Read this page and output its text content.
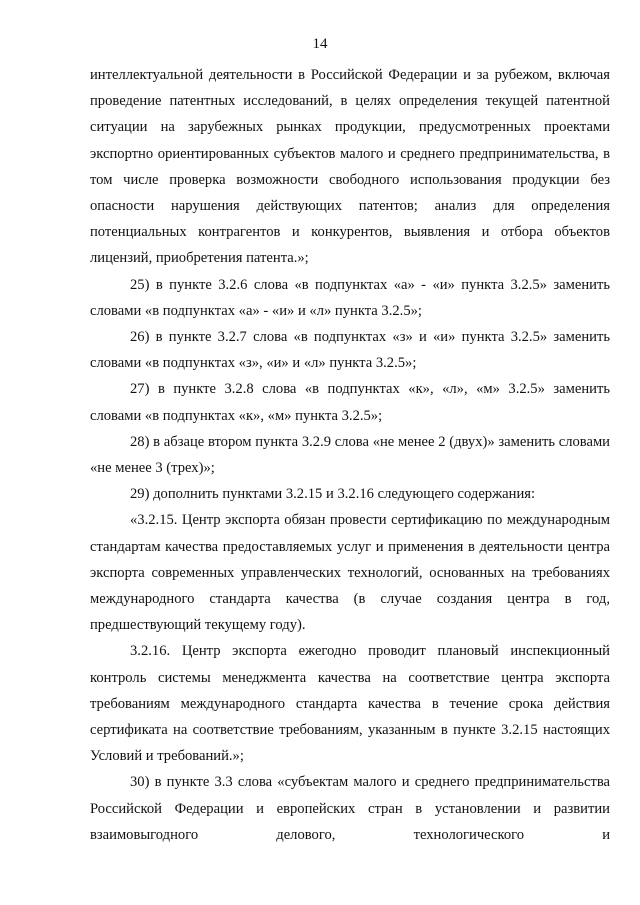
14

интеллектуальной деятельности в Российской Федерации и за рубежом, включая проведение патентных исследований, в целях определения текущей патентной ситуации на зарубежных рынках продукции, предусмотренных проектами экспортно ориентированных субъектов малого и среднего предпринимательства, в том числе проверка возможности свободного использования продукции без опасности нарушения действующих патентов; анализ для определения потенциальных контрагентов и конкурентов, выявления и отбора объектов лицензий, приобретения патента.»;

25) в пункте 3.2.6 слова «в подпунктах «а» - «и» пункта 3.2.5» заменить словами «в подпунктах «а» - «и» и «л» пункта 3.2.5»;

26) в пункте 3.2.7 слова «в подпунктах «з» и «и» пункта 3.2.5» заменить словами «в подпунктах «з», «и» и «л» пункта 3.2.5»;

27) в пункте 3.2.8 слова «в подпунктах «к», «л», «м» 3.2.5» заменить словами «в подпунктах «к», «м» пункта 3.2.5»;

28) в абзаце втором пункта 3.2.9 слова «не менее 2 (двух)» заменить словами «не менее 3 (трех)»;

29) дополнить пунктами 3.2.15 и 3.2.16 следующего содержания:

«3.2.15. Центр экспорта обязан провести сертификацию по международным стандартам качества предоставляемых услуг и применения в деятельности центра экспорта современных управленческих технологий, основанных на требованиях международного стандарта качества (в случае создания центра в год, предшествующий текущему году).

3.2.16. Центр экспорта ежегодно проводит плановый инспекционный контроль системы менеджмента качества на соответствие центра экспорта требованиям международного стандарта качества в течение срока действия сертификата на соответствие требованиям, указанным в пункте 3.2.15 настоящих Условий и требований.»;

30) в пункте 3.3 слова «субъектам малого и среднего предпринимательства Российской Федерации и европейских стран в установлении и развитии взаимовыгодного делового, технологического и
